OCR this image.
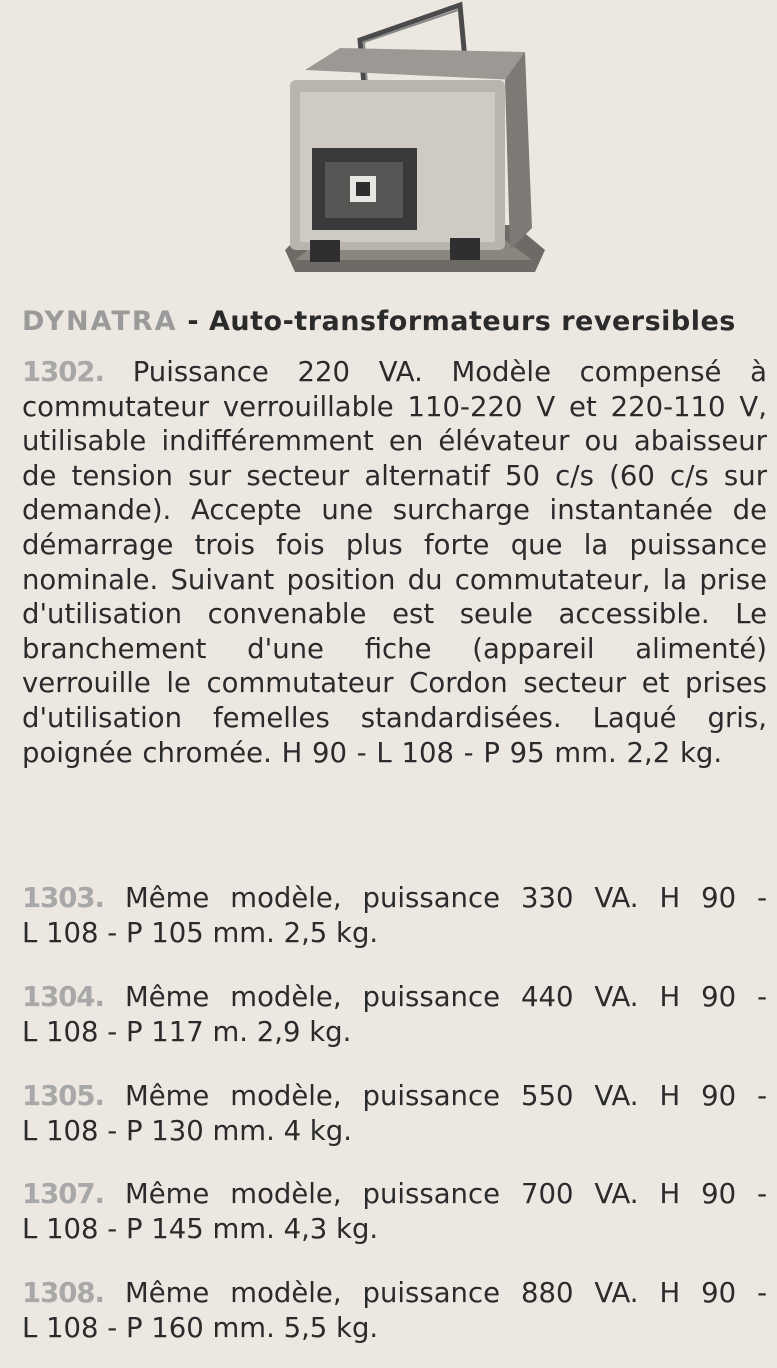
DYNATRA - Auto-transformateurs reversibles
1302. Puissance 220 VA. Modèle compensé à commutateur verrouillable 110-220 V et 220-110 V, utilisable indifféremment en élévateur ou abaisseur de tension sur secteur alternatif 50 c/s (60 c/s sur demande). Accepte une surcharge instantanée de démarrage trois fois plus forte que la puissance nominale. Suivant position du commutateur, la prise d'utilisation convenable est seule accessible. Le branchement d'une fiche (appareil alimenté) verrouille le commutateur Cordon secteur et prises d'utilisation femelles standardisées. Laqué gris, poignée chromée. H 90 - L 108 - P 95 mm. 2,2 kg.
1303. Même modèle, puissance 330 VA. H 90 -
L 108 - P 105 mm. 2,5 kg.
1304. Même modèle, puissance 440 VA. H 90 -
L 108 - P 117 m. 2,9 kg.
1305. Même modèle, puissance 550 VA. H 90 -
L 108 - P 130 mm. 4 kg.
1307. Même modèle, puissance 700 VA. H 90 -
L 108 - P 145 mm. 4,3 kg.
1308. Même modèle, puissance 880 VA. H 90 -
L 108 - P 160 mm. 5,5 kg.
